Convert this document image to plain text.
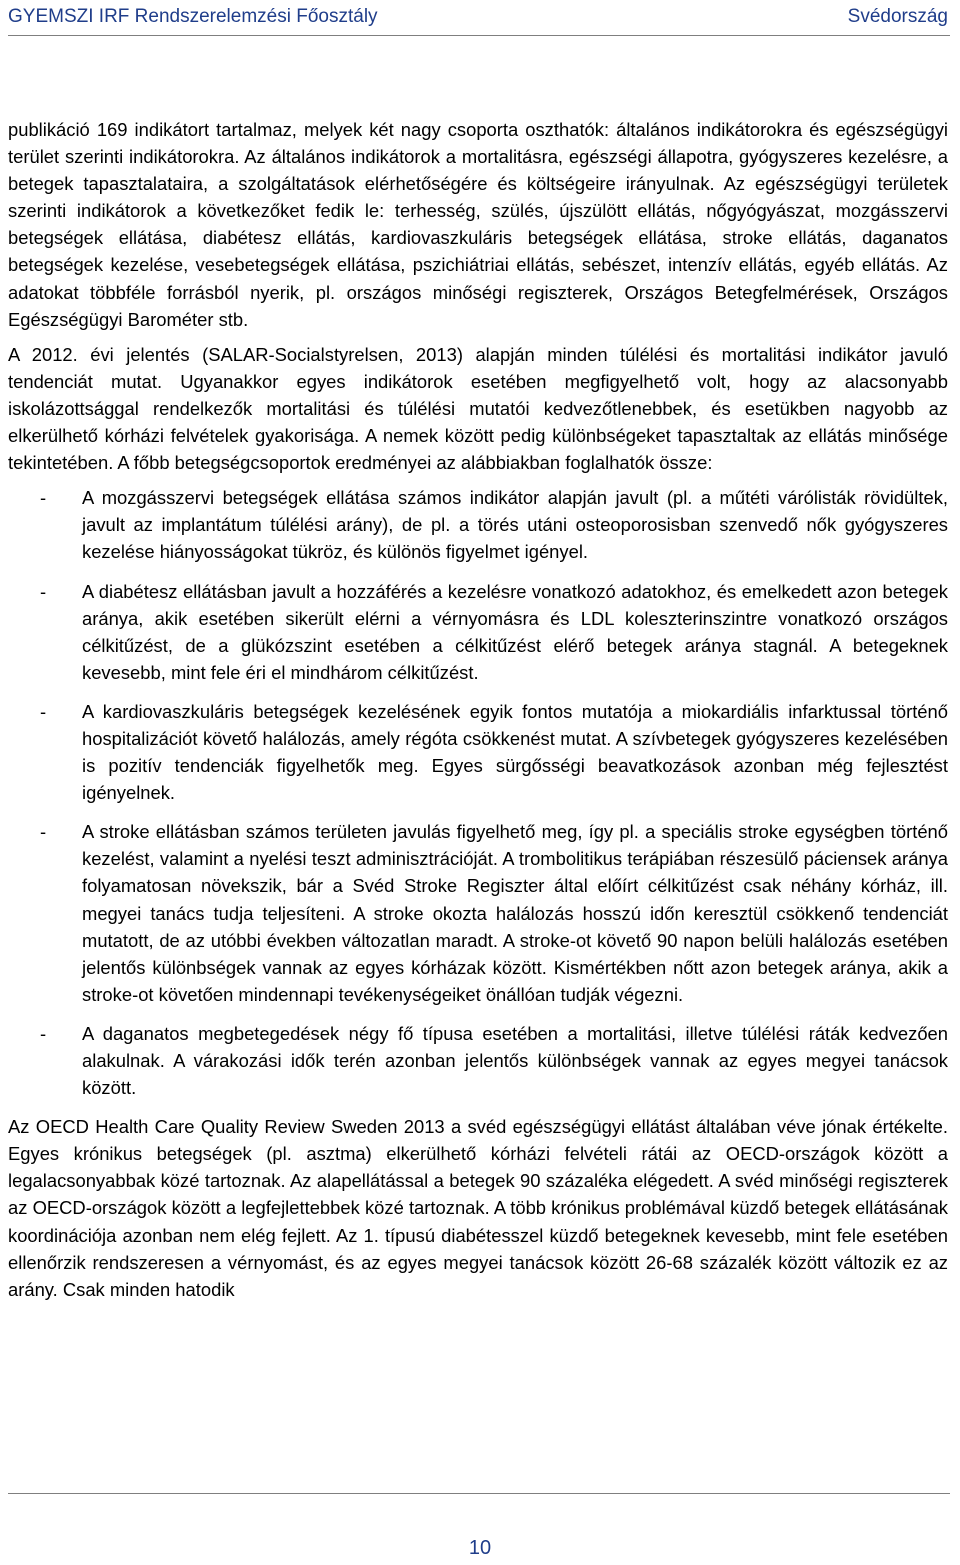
GYEMSZI IRF Rendszerelemzési Főosztály	Svédország

publikáció 169 indikátort tartalmaz, melyek két nagy csoporta oszthatók: általános indikátorokra és egészségügyi terület szerinti indikátorokra. Az általános indikátorok a mortalitásra, egészségi állapotra, gyógyszeres kezelésre, a betegek tapasztalataira, a szolgáltatások elérhetőségére és költségeire irányulnak. Az egészségügyi területek szerinti indikátorok a következőket fedik le: terhesség, szülés, újszülött ellátás, nőgyógyászat, mozgásszervi betegségek ellátása, diabétesz ellátás, kardiovaszkuláris betegségek ellátása, stroke ellátás, daganatos betegségek kezelése, vesebetegségek ellátása, pszichiátriai ellátás, sebészet, intenzív ellátás, egyéb ellátás. Az adatokat többféle forrásból nyerik, pl. országos minőségi regiszterek, Országos Betegfelmérések, Országos Egészségügyi Barométer stb.

A 2012. évi jelentés (SALAR-Socialstyrelsen, 2013) alapján minden túlélési és mortalitási indikátor javuló tendenciát mutat. Ugyanakkor egyes indikátorok esetében megfigyelhető volt, hogy az alacsonyabb iskolázottsággal rendelkezők mortalitási és túlélési mutatói kedvezőtlenebbek, és esetükben nagyobb az elkerülhető kórházi felvételek gyakorisága. A nemek között pedig különbségeket tapasztaltak az ellátás minősége tekintetében. A főbb betegségcsoportok eredményei az alábbiakban foglalhatók össze:

- A mozgásszervi betegségek ellátása számos indikátor alapján javult (pl. a műtéti várólisták rövidültek, javult az implantátum túlélési arány), de pl. a törés utáni osteoporosisban szenvedő nők gyógyszeres kezelése hiányosságokat tükröz, és különös figyelmet igényel.
- A diabétesz ellátásban javult a hozzáférés a kezelésre vonatkozó adatokhoz, és emelkedett azon betegek aránya, akik esetében sikerült elérni a vérnyomásra és LDL koleszterinszintre vonatkozó országos célkitűzést, de a glükózszint esetében a célkitűzést elérő betegek aránya stagnál. A betegeknek kevesebb, mint fele éri el mindhárom célkitűzést.
- A kardiovaszkuláris betegségek kezelésének egyik fontos mutatója a miokardiális infarktussal történő hospitalizációt követő halálozás, amely régóta csökkenést mutat. A szívbetegek gyógyszeres kezelésében is pozitív tendenciák figyelhetők meg. Egyes sürgősségi beavatkozások azonban még fejlesztést igényelnek.
- A stroke ellátásban számos területen javulás figyelhető meg, így pl. a speciális stroke egységben történő kezelést, valamint a nyelési teszt adminisztrációját. A trombolitikus terápiában részesülő páciensek aránya folyamatosan növekszik, bár a Svéd Stroke Regiszter által előírt célkitűzést csak néhány kórház, ill. megyei tanács tudja teljesíteni. A stroke okozta halálozás hosszú időn keresztül csökkenő tendenciát mutatott, de az utóbbi években változatlan maradt. A stroke-ot követő 90 napon belüli halálozás esetében jelentős különbségek vannak az egyes kórházak között. Kismértékben nőtt azon betegek aránya, akik a stroke-ot követően mindennapi tevékenységeiket önállóan tudják végezni.
- A daganatos megbetegedések négy fő típusa esetében a mortalitási, illetve túlélési ráták kedvezően alakulnak. A várakozási idők terén azonban jelentős különbségek vannak az egyes megyei tanácsok között.

Az OECD Health Care Quality Review Sweden 2013 a svéd egészségügyi ellátást általában véve jónak értékelte. Egyes krónikus betegségek (pl. asztma) elkerülhető kórházi felvételi rátái az OECD-országok között a legalacsonyabbak közé tartoznak. Az alapellátással a betegek 90 százaléka elégedett. A svéd minőségi regiszterek az OECD-országok között a legfejlettebbek közé tartoznak. A több krónikus problémával küzdő betegek ellátásának koordinációja azonban nem elég fejlett. Az 1. típusú diabétesszel küzdő betegeknek kevesebb, mint fele esetében ellenőrzik rendszeresen a vérnyomást, és az egyes megyei tanácsok között 26-68 százalék között változik ez az arány. Csak minden hatodik

10
